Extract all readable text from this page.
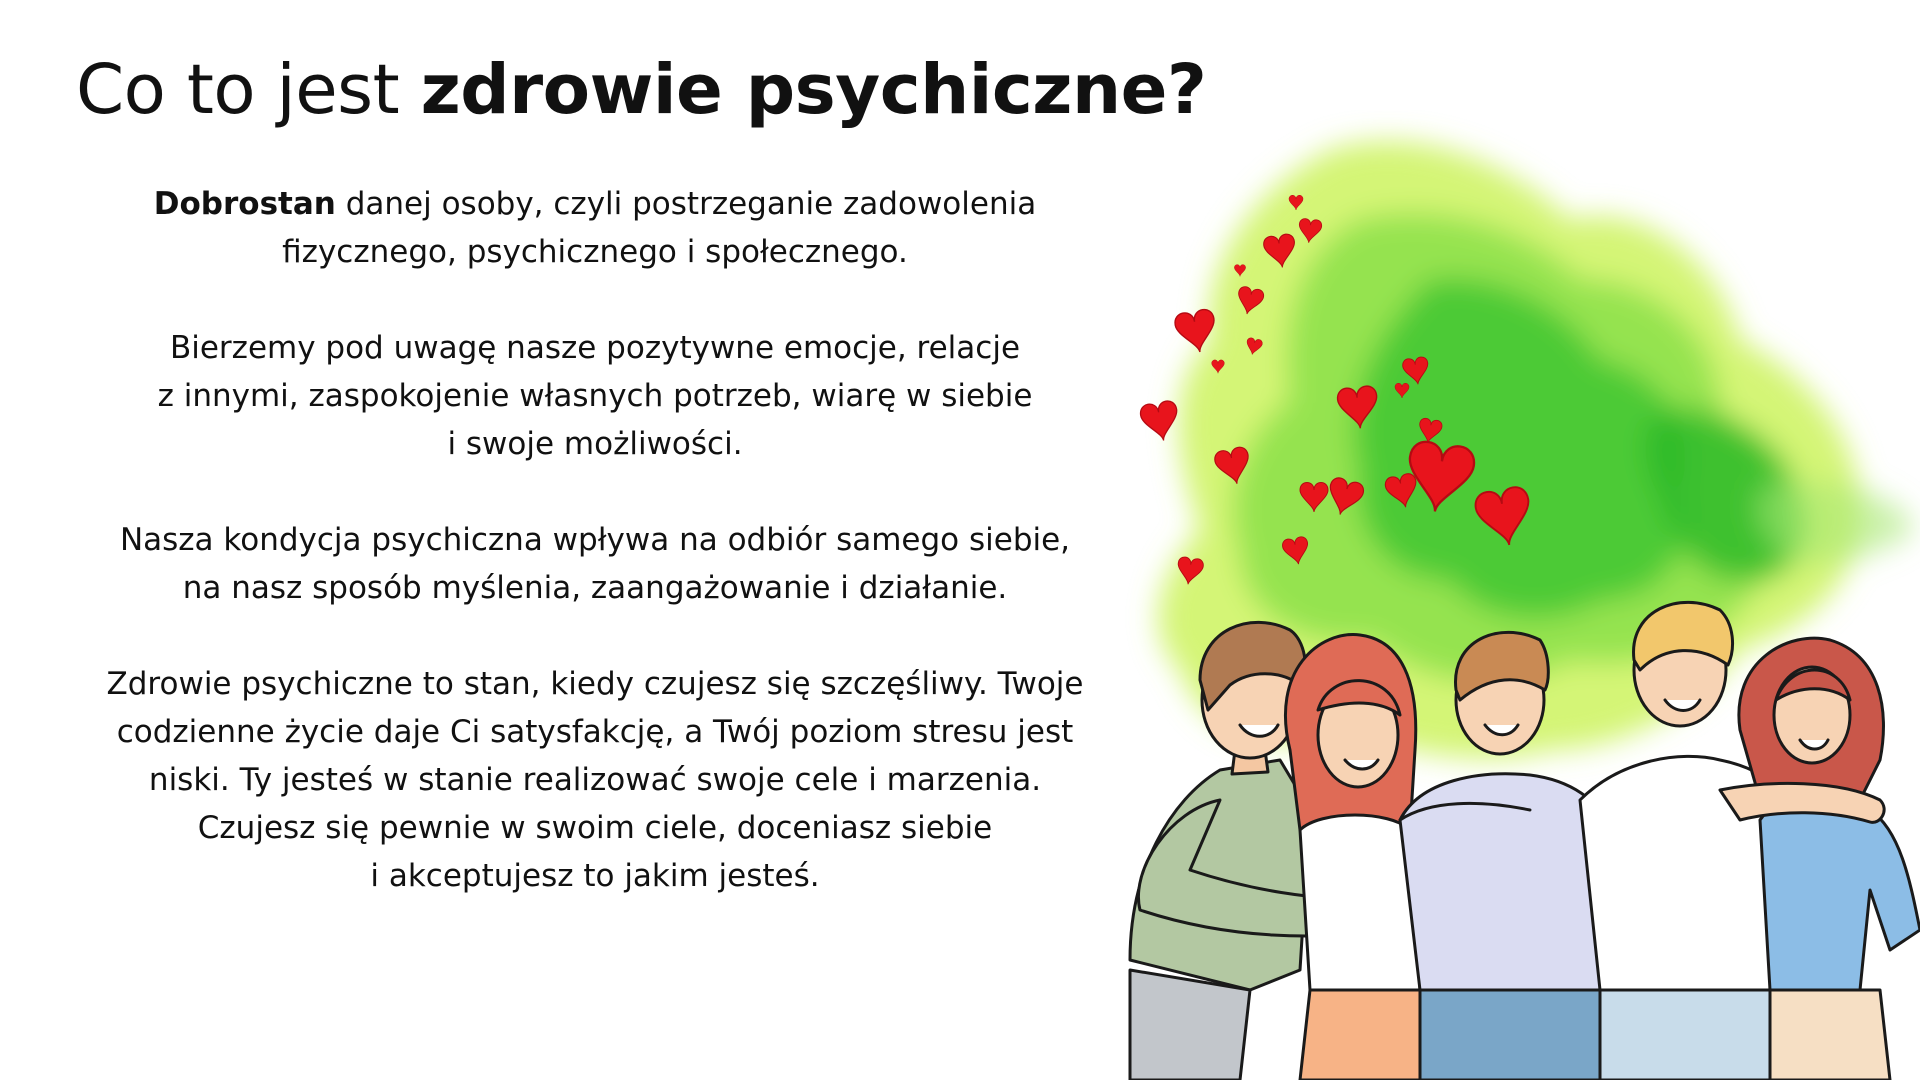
Co to jest zdrowie psychiczne?

Dobrostan danej osoby, czyli postrzeganie zadowolenia
fizycznego, psychicznego i społecznego.

Bierzemy pod uwagę nasze pozytywne emocje, relacje
z innymi, zaspokojenie własnych potrzeb, wiarę w siebie
i swoje możliwości.

Nasza kondycja psychiczna wpływa na odbiór samego siebie,
na nasz sposób myślenia, zaangażowanie i działanie.

Zdrowie psychiczne to stan, kiedy czujesz się szczęśliwy. Twoje
codzienne życie daje Ci satysfakcję, a Twój poziom stresu jest
niski. Ty jesteś w stanie realizować swoje cele i marzenia.
Czujesz się pewnie w swoim ciele, doceniasz siebie
i akceptujesz to jakim jesteś.
